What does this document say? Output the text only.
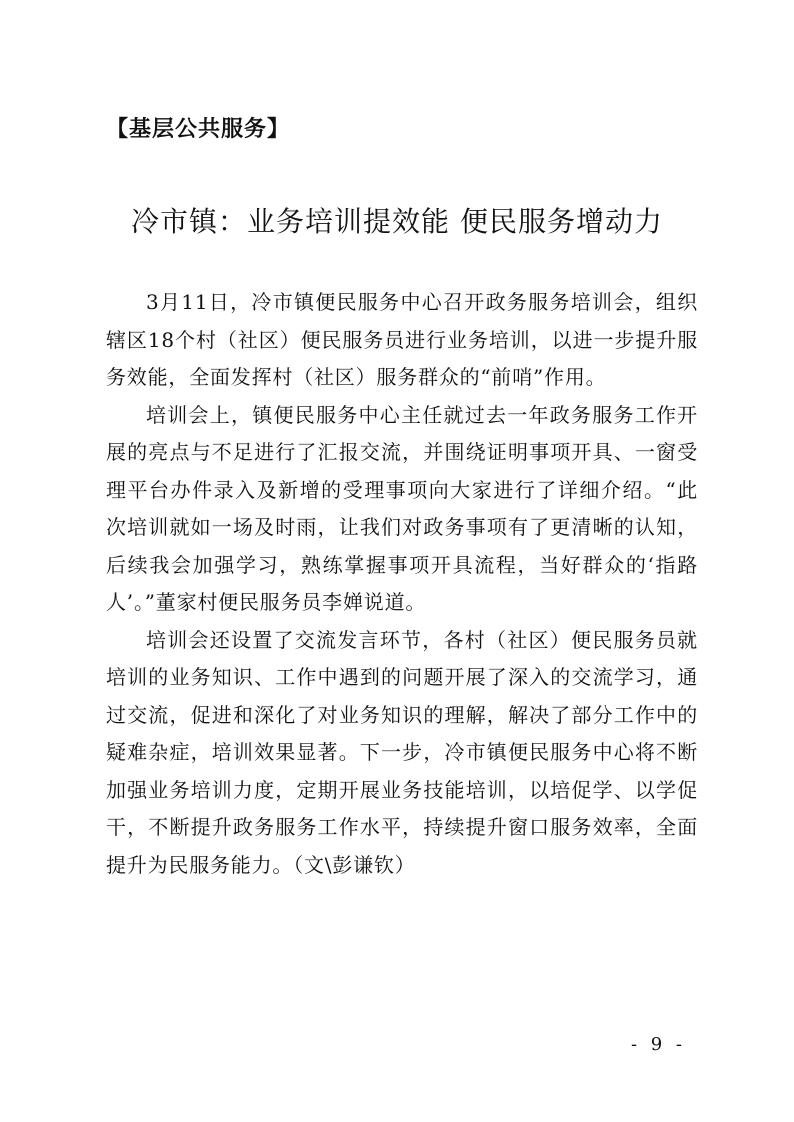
【基层公共服务】

冷市镇：业务培训提效能 便民服务增动力

3月11日，冷市镇便民服务中心召开政务服务培训会，组织辖区18个村（社区）便民服务员进行业务培训，以进一步提升服务效能，全面发挥村（社区）服务群众的“前哨”作用。

培训会上，镇便民服务中心主任就过去一年政务服务工作开展的亮点与不足进行了汇报交流，并围绕证明事项开具、一窗受理平台办件录入及新增的受理事项向大家进行了详细介绍。“此次培训就如一场及时雨，让我们对政务事项有了更清晰的认知，后续我会加强学习，熟练掌握事项开具流程，当好群众的‘指路人’。”董家村便民服务员李婵说道。

培训会还设置了交流发言环节，各村（社区）便民服务员就培训的业务知识、工作中遇到的问题开展了深入的交流学习，通过交流，促进和深化了对业务知识的理解，解决了部分工作中的疑难杂症，培训效果显著。下一步，冷市镇便民服务中心将不断加强业务培训力度，定期开展业务技能培训，以培促学、以学促干，不断提升政务服务工作水平，持续提升窗口服务效率，全面提升为民服务能力。（文\彭谦钦）

- 9 -
